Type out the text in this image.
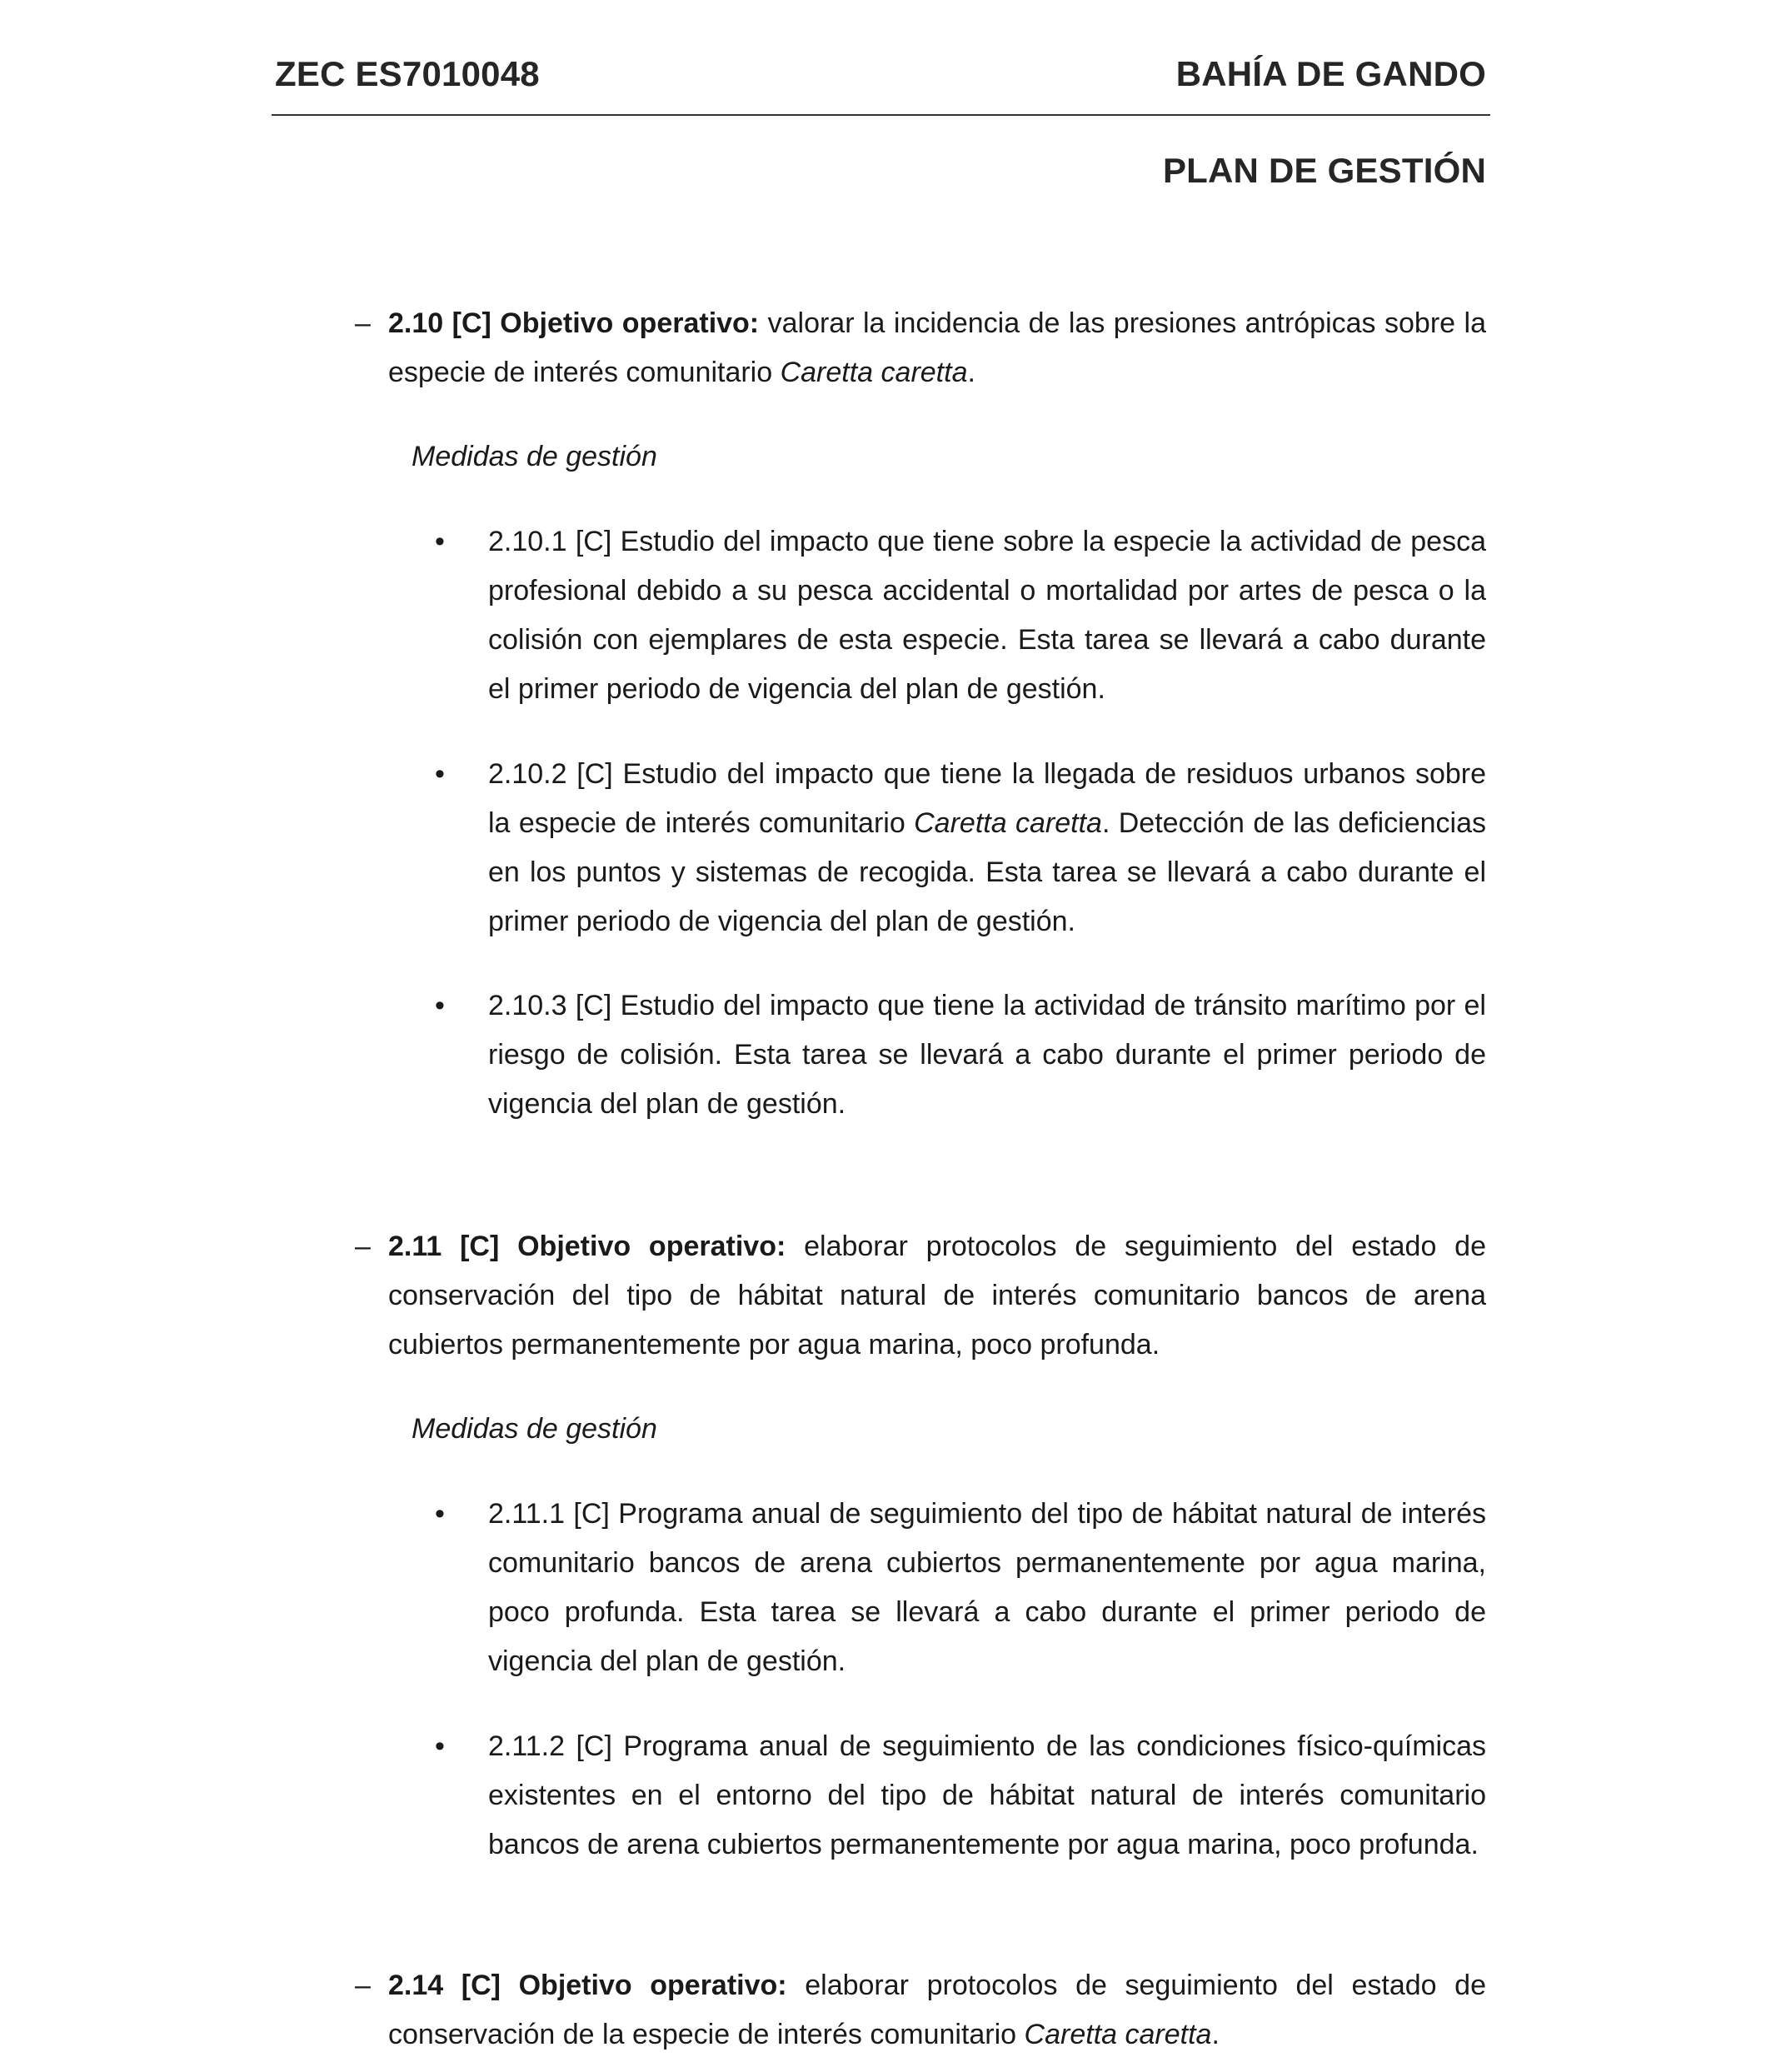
ZEC ES7010048	BAHÍA DE GANDO
PLAN DE GESTIÓN
– 2.10 [C] Objetivo operativo: valorar la incidencia de las presiones antrópicas sobre la especie de interés comunitario Caretta caretta.
Medidas de gestión
• 2.10.1 [C] Estudio del impacto que tiene sobre la especie la actividad de pesca profesional debido a su pesca accidental o mortalidad por artes de pesca o la colisión con ejemplares de esta especie. Esta tarea se llevará a cabo durante el primer periodo de vigencia del plan de gestión.
• 2.10.2 [C] Estudio del impacto que tiene la llegada de residuos urbanos sobre la especie de interés comunitario Caretta caretta. Detección de las deficiencias en los puntos y sistemas de recogida. Esta tarea se llevará a cabo durante el primer periodo de vigencia del plan de gestión.
• 2.10.3 [C] Estudio del impacto que tiene la actividad de tránsito marítimo por el riesgo de colisión. Esta tarea se llevará a cabo durante el primer periodo de vigencia del plan de gestión.
– 2.11 [C] Objetivo operativo: elaborar protocolos de seguimiento del estado de conservación del tipo de hábitat natural de interés comunitario bancos de arena cubiertos permanentemente por agua marina, poco profunda.
Medidas de gestión
• 2.11.1 [C] Programa anual de seguimiento del tipo de hábitat natural de interés comunitario bancos de arena cubiertos permanentemente por agua marina, poco profunda. Esta tarea se llevará a cabo durante el primer periodo de vigencia del plan de gestión.
• 2.11.2 [C] Programa anual de seguimiento de las condiciones físico-químicas existentes en el entorno del tipo de hábitat natural de interés comunitario bancos de arena cubiertos permanentemente por agua marina, poco profunda.
– 2.14 [C] Objetivo operativo: elaborar protocolos de seguimiento del estado de conservación de la especie de interés comunitario Caretta caretta.
